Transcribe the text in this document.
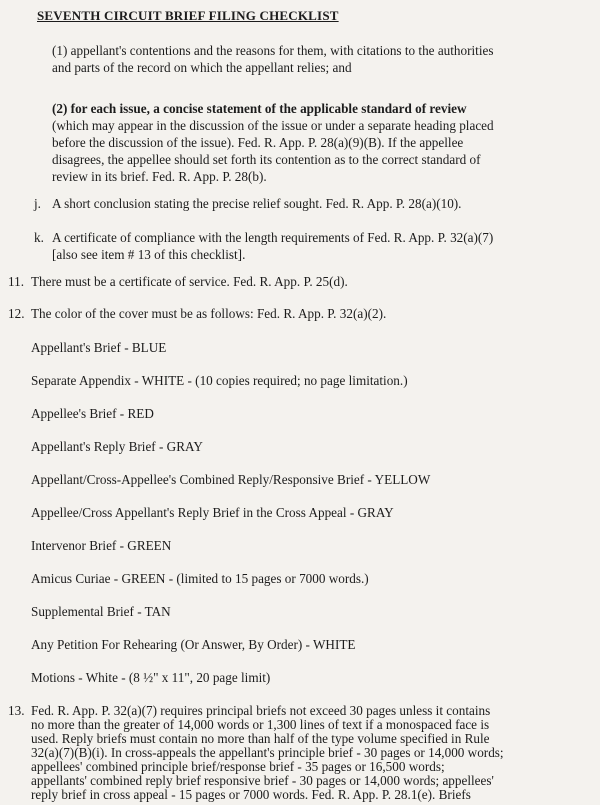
SEVENTH CIRCUIT BRIEF FILING CHECKLIST
(1) appellant's contentions and the reasons for them, with citations to the authorities
and parts of the record on which the appellant relies; and
(2) for each issue, a concise statement of the applicable standard of review
(which may appear in the discussion of the issue or under a separate heading placed
before the discussion of the issue). Fed. R. App. P. 28(a)(9)(B). If the appellee
disagrees, the appellee should set forth its contention as to the correct standard of
review in its brief. Fed. R. App. P. 28(b).
j. A short conclusion stating the precise relief sought. Fed. R. App. P. 28(a)(10).
k. A certificate of compliance with the length requirements of Fed. R. App. P. 32(a)(7)
[also see item # 13 of this checklist].
11. There must be a certificate of service. Fed. R. App. P. 25(d).
12. The color of the cover must be as follows: Fed. R. App. P. 32(a)(2).
Appellant's Brief - BLUE
Separate Appendix - WHITE - (10 copies required; no page limitation.)
Appellee's Brief - RED
Appellant's Reply Brief - GRAY
Appellant/Cross-Appellee's Combined Reply/Responsive Brief - YELLOW
Appellee/Cross Appellant's Reply Brief in the Cross Appeal - GRAY
Intervenor Brief - GREEN
Amicus Curiae - GREEN - (limited to 15 pages or 7000 words.)
Supplemental Brief - TAN
Any Petition For Rehearing (Or Answer, By Order) - WHITE
Motions - White - (8 ½" x 11", 20 page limit)
13. Fed. R. App. P. 32(a)(7) requires principal briefs not exceed 30 pages unless it contains
no more than the greater of 14,000 words or 1,300 lines of text if a monospaced face is
used. Reply briefs must contain no more than half of the type volume specified in Rule
32(a)(7)(B)(i). In cross-appeals the appellant's principle brief - 30 pages or 14,000 words;
appellees' combined principle brief/response brief - 35 pages or 16,500 words;
appellants' combined reply brief responsive brief - 30 pages or 14,000 words; appellees'
reply brief in cross appeal - 15 pages or 7000 words. Fed. R. App. P. 28.1(e). Briefs
